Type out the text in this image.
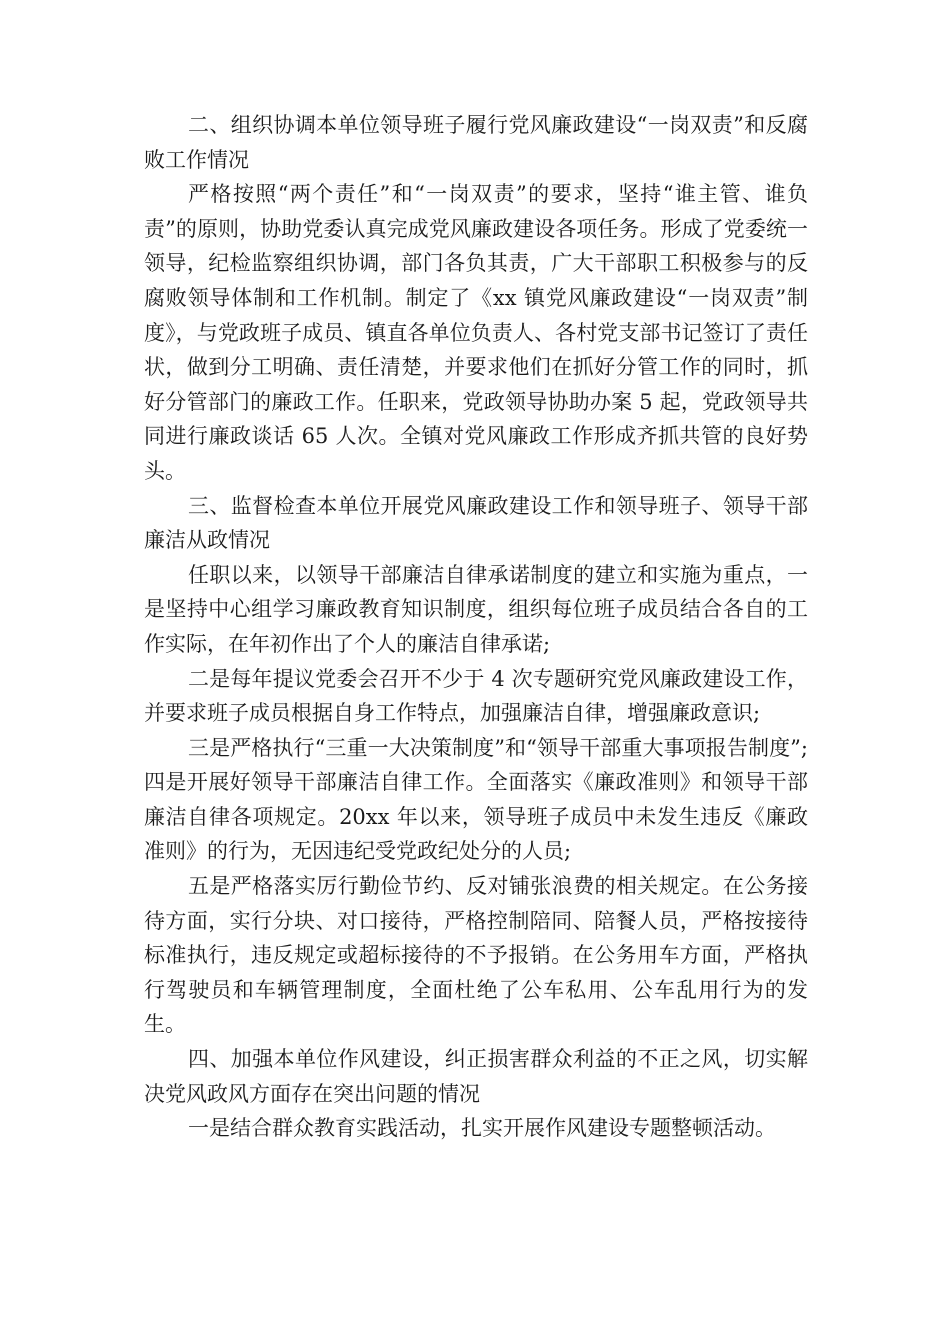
二、组织协调本单位领导班子履行党风廉政建设“一岗双责”和反腐败工作情况

严格按照“两个责任”和“一岗双责”的要求，坚持“谁主管、谁负责”的原则，协助党委认真完成党风廉政建设各项任务。形成了党委统一领导，纪检监察组织协调，部门各负其责，广大干部职工积极参与的反腐败领导体制和工作机制。制定了《xx 镇党风廉政建设“一岗双责”制度》，与党政班子成员、镇直各单位负责人、各村党支部书记签订了责任状，做到分工明确、责任清楚，并要求他们在抓好分管工作的同时，抓好分管部门的廉政工作。任职来，党政领导协助办案 5 起，党政领导共同进行廉政谈话 65 人次。全镇对党风廉政工作形成齐抓共管的良好势头。

三、监督检查本单位开展党风廉政建设工作和领导班子、领导干部廉洁从政情况

任职以来，以领导干部廉洁自律承诺制度的建立和实施为重点，一是坚持中心组学习廉政教育知识制度，组织每位班子成员结合各自的工作实际，在年初作出了个人的廉洁自律承诺;

二是每年提议党委会召开不少于 4 次专题研究党风廉政建设工作，并要求班子成员根据自身工作特点，加强廉洁自律，增强廉政意识;

三是严格执行“三重一大决策制度”和“领导干部重大事项报告制度”;四是开展好领导干部廉洁自律工作。全面落实《廉政准则》和领导干部廉洁自律各项规定。20xx 年以来，领导班子成员中未发生违反《廉政准则》的行为，无因违纪受党政纪处分的人员;

五是严格落实厉行勤俭节约、反对铺张浪费的相关规定。在公务接待方面，实行分块、对口接待，严格控制陪同、陪餐人员，严格按接待标准执行，违反规定或超标接待的不予报销。在公务用车方面，严格执行驾驶员和车辆管理制度，全面杜绝了公车私用、公车乱用行为的发生。

四、加强本单位作风建设，纠正损害群众利益的不正之风，切实解决党风政风方面存在突出问题的情况

一是结合群众教育实践活动，扎实开展作风建设专题整顿活动。
